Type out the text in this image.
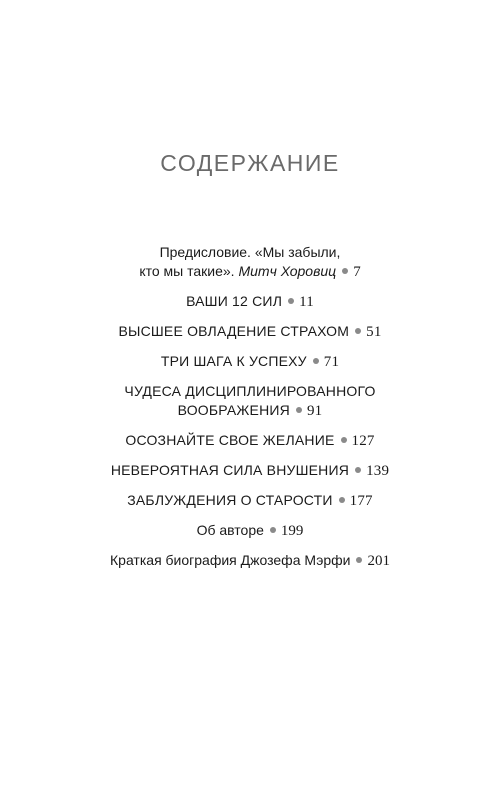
СОДЕРЖАНИЕ
Предисловие. «Мы забыли,
кто мы такие». Митч Хоровиц 7
ВАШИ 12 СИЛ 11
ВЫСШЕЕ ОВЛАДЕНИЕ СТРАХОМ 51
ТРИ ШАГА К УСПЕХУ 71
ЧУДЕСА ДИСЦИПЛИНИРОВАННОГО
ВООБРАЖЕНИЯ 91
ОСОЗНАЙТЕ СВОЕ ЖЕЛАНИЕ 127
НЕВЕРОЯТНАЯ СИЛА ВНУШЕНИЯ 139
ЗАБЛУЖДЕНИЯ О СТАРОСТИ 177
Об авторе 199
Краткая биография Джозефа Мэрфи 201
